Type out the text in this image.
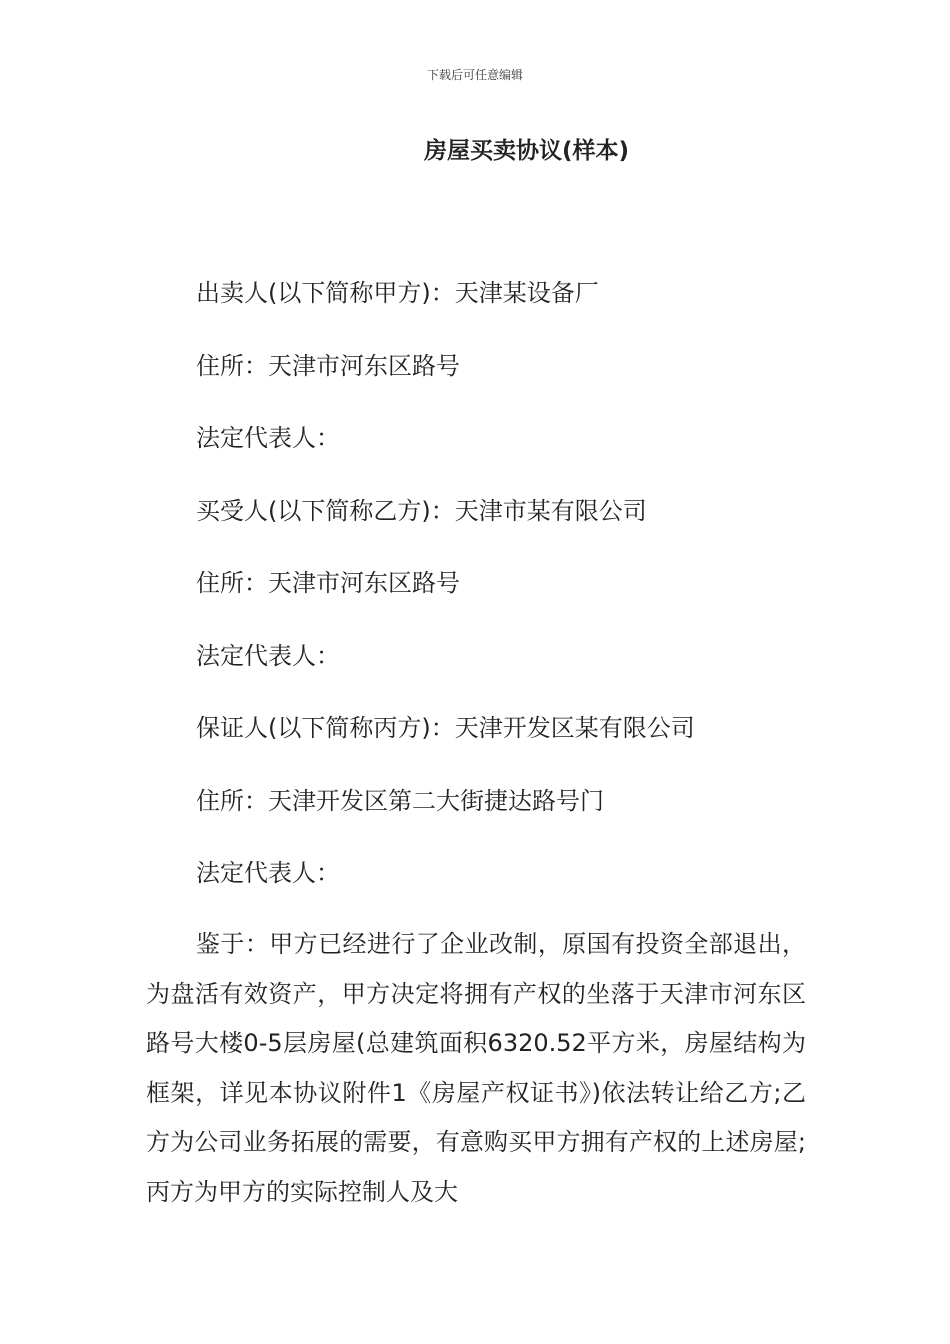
下载后可任意编辑
房屋买卖协议(样本)
出卖人(以下简称甲方)：天津某设备厂
住所：天津市河东区路号
法定代表人：
买受人(以下简称乙方)：天津市某有限公司
住所：天津市河东区路号
法定代表人：
保证人(以下简称丙方)：天津开发区某有限公司
住所：天津开发区第二大街捷达路号门
法定代表人：

鉴于：甲方已经进行了企业改制，原国有投资全部退出，为盘活有效资产，甲方决定将拥有产权的坐落于天津市河东区路号大楼0-5层房屋(总建筑面积6320.52平方米，房屋结构为框架，详见本协议附件1《房屋产权证书》)依法转让给乙方;乙方为公司业务拓展的需要，有意购买甲方拥有产权的上述房屋;丙方为甲方的实际控制人及大
